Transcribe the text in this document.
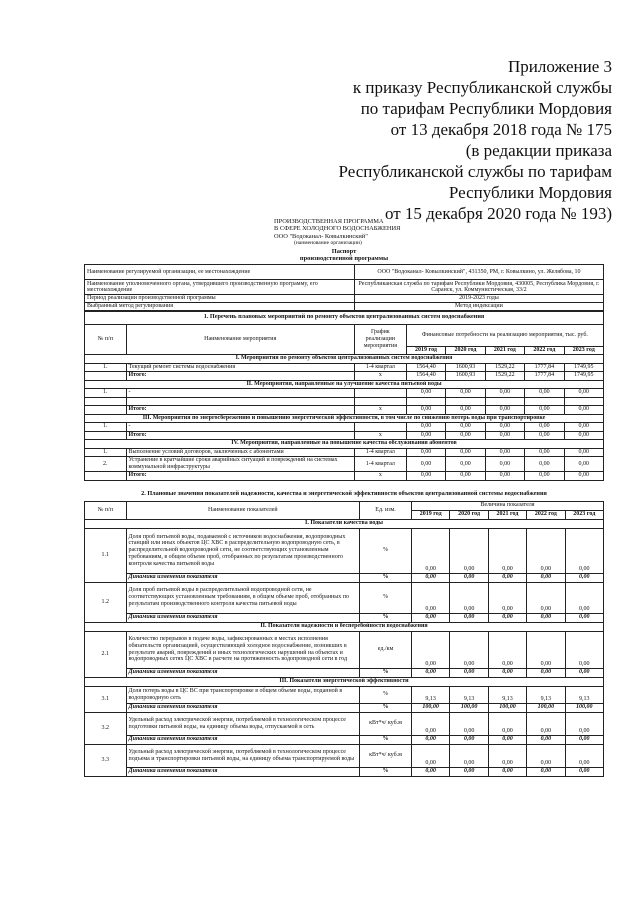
Приложение 3
к приказу Республиканской службы
по тарифам Республики Мордовия
от 13 декабря 2018 года № 175
(в редакции приказа
Республиканской службы по тарифам
Республики Мордовия
от 15 декабря 2020 года № 193)
ПРОИЗВОДСТВЕННАЯ ПРОГРАММА
В СФЕРЕ ХОЛОДНОГО ВОДОСНАБЖЕНИЯ
ООО "Водоканал- Ковылкинский"
(наименование организации)
Паспорт
производственной программы
Наименование регулируемой организации, ее местонахождение	ООО "Водоканал- Ковылкинский", 431350, РМ, г. Ковылкино, ул. Желябова, 10
Наименование уполномоченного органа, утвердившего производственную программу, его местонахождение	Республиканская служба по тарифам Республики Мордовия, 430005, Республика Мордовия, г. Саранск, ул. Коммунистическая, 33/2
Период реализации производственной программы	2019-2023 годы
Выбранный метод регулирования	Метод индексации
1. Перечень плановых мероприятий по ремонту объектов централизованных систем водоснабжения							
№ п/п	Наименование мероприятия	График реализации мероприятия	Финансовые потребности на реализацию мероприятия, тыс. руб.				
			2019 год	2020 год	2021 год	2022 год	2023 год
I. Мероприятия по ремонту объектов централизованных систем водоснабжения							
1.	Текущий ремонт системы водоснабжения	1-4 квартал	1564,40	1600,93	1529,22	1777,84	1749,95
	Итого:	х	1564,40	1600,93	1529,22	1777,84	1749,95
II. Мероприятия, направленные на улучшение качества питьевой воды							
1.	-		0,00	0,00	0,00	0,00	0,00

	Итого:	х	0,00	0,00	0,00	0,00	0,00
III. Мероприятия по энергосбережению и повышению энергетической эффективности, в том числе по снижению потерь воды при транспортировке							
1.	-		0,00	0,00	0,00	0,00	0,00
	Итого:	х	0,00	0,00	0,00	0,00	0,00
IV. Мероприятия, направленные на повышение качества обслуживания абонентов							
1.	Выполнение условий договоров, заключенных с абонентами	1-4 квартал	0,00	0,00	0,00	0,00	0,00
2.	Устранение в кратчайшие сроки аварийных ситуаций и повреждений на системах коммунальной инфраструктуры	1-4 квартал	0,00	0,00	0,00	0,00	0,00
	Итого:	х	0,00	0,00	0,00	0,00	0,00
2. Плановые значения показателей надежности, качества и энергетической эффективности объектов централизованной системы водоснабжения							
№ п/п	Наименование показателей	Ед. изм.	Величина показателя				
			2019 год	2020 год	2021 год	2022 год	2023 год
I. Показатели качества воды							
1.1	Доля проб питьевой воды, подаваемой с источников водоснабжения, водопроводных станций или иных объектов ЦС ХВС в распределительную водопроводную сеть, в распределительной водопроводной сети, не соответствующих установленным требованиям, в общем объеме проб, отобранных по результатам производственного контроля качества питьевой воды	%	0,00	0,00	0,00	0,00	0,00
	Динамика изменения показателя	%	0,00	0,00	0,00	0,00	0,00
1.2	Доля проб питьевой воды в распределительной водопроводной сети, не соответствующих установленным требованиям, в общем объеме проб, отобранных по результатам производственного контроля качества питьевой воды	%	0,00	0,00	0,00	0,00	0,00
	Динамика изменения показателя	%	0,00	0,00	0,00	0,00	0,00
II. Показатели надежности и бесперебойности водоснабжения							
2.1	Количество перерывов в подаче воды, зафиксированных в местах исполнения обязательств организацией, осуществляющей холодное водоснабжение, возникших в результате аварий, повреждений и иных технологических нарушений на объектах и водопроводных сетях ЦС ХВС в расчете на протяженность водопроводной сети в год	ед./км	0,00	0,00	0,00	0,00	0,00
	Динамика изменения показателя	%	0,00	0,00	0,00	0,00	0,00
III. Показатели энергетической эффективности							
3.1	Доля потерь воды в ЦС ВС при транспортировке в общем объеме воды, поданной в водопроводную сеть	%	9,13	9,13	9,13	9,13	9,13
	Динамика изменения показателя	%	100,00	100,00	100,00	100,00	100,00
3.2	Удельный расход электрической энергии, потребляемой в технологическом процессе подготовки питьевой воды, на единицу объема воды, отпускаемой в сеть	кВт*ч/ куб.м	0,00	0,00	0,00	0,00	0,00
	Динамика изменения показателя	%	0,00	0,00	0,00	0,00	0,00
3.3	Удельный расход электрической энергии, потребляемой в технологическом процессе подъема и транспортировки питьевой воды, на единицу объема транспортируемой воды	кВт*ч/ куб.м	0,00	0,00	0,00	0,00	0,00
	Динамика изменения показателя	%	0,00	0,00	0,00	0,00	0,00
